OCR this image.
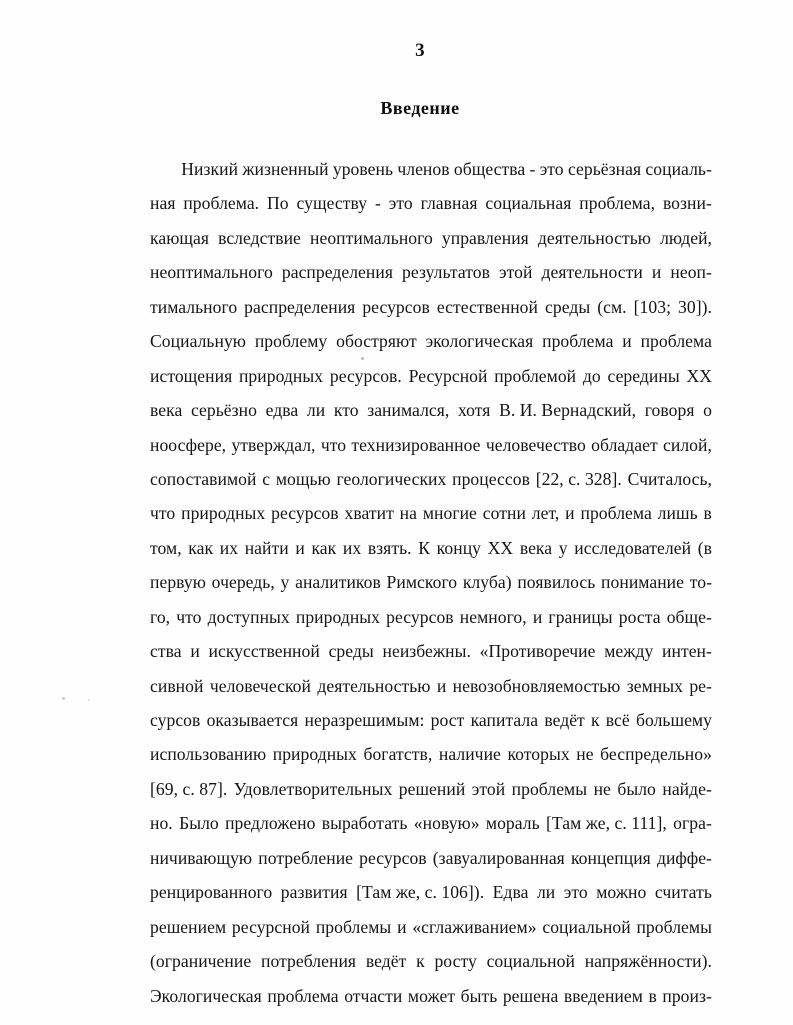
3
Введение
Низкий жизненный уровень членов общества - это серьёзная социаль-
ная проблема. По существу - это главная социальная проблема, возни-
кающая вследствие неоптимального управления деятельностью людей,
неоптимального распределения результатов этой деятельности и неоп-
тимального распределения ресурсов естественной среды (см. [103; 30]).
Социальную проблему обостряют экологическая проблема и проблема
истощения природных ресурсов. Ресурсной проблемой до середины XX
века серьёзно едва ли кто занимался, хотя В. И. Вернадский, говоря о
ноосфере, утверждал, что технизированное человечество обладает силой,
сопоставимой с мощью геологических процессов [22, с. 328]. Считалось,
что природных ресурсов хватит на многие сотни лет, и проблема лишь в
том, как их найти и как их взять. К концу XX века у исследователей (в
первую очередь, у аналитиков Римского клуба) появилось понимание то-
го, что доступных природных ресурсов немного, и границы роста обще-
ства и искусственной среды неизбежны. «Противоречие между интен-
сивной человеческой деятельностью и невозобновляемостью земных ре-
сурсов оказывается неразрешимым: рост капитала ведёт к всё большему
использованию природных богатств, наличие которых не беспредельно»
[69, с. 87]. Удовлетворительных решений этой проблемы не было найде-
но. Было предложено выработать «новую» мораль [Там же, с. 111], огра-
ничивающую потребление ресурсов (завуалированная концепция диффе-
ренцированного развития [Там же, с. 106]). Едва ли это можно считать
решением ресурсной проблемы и «сглаживанием» социальной проблемы
(ограничение потребления ведёт к росту социальной напряжённости).
Экологическая проблема отчасти может быть решена введением в произ-
